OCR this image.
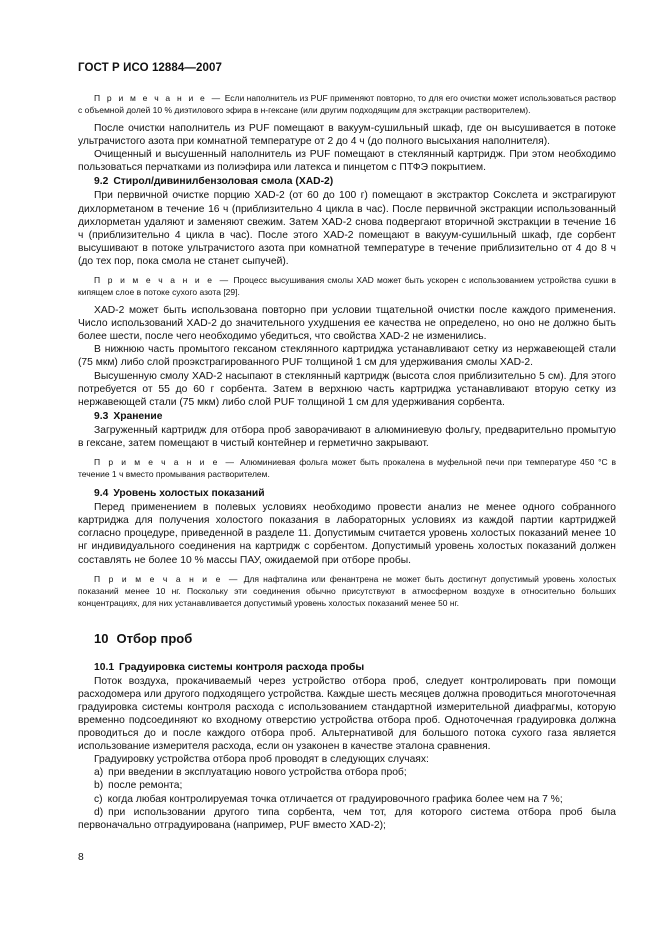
ГОСТ Р ИСО 12884—2007

П р и м е ч а н и е — Если наполнитель из PUF применяют повторно, то для его очистки может использоваться раствор с объемной долей 10 % диэтилового эфира в н-гексане (или другим подходящим для экстракции растворителем).

После очистки наполнитель из PUF помещают в вакуум-сушильный шкаф, где он высушивается в потоке ультрачистого азота при комнатной температуре от 2 до 4 ч (до полного высыхания наполнителя).

Очищенный и высушенный наполнитель из PUF помещают в стеклянный картридж. При этом необходимо пользоваться перчатками из полиэфира или латекса и пинцетом с ПТФЭ покрытием.

9.2 Стирол/дивинилбензоловая смола (ХАD-2)

При первичной очистке порцию ХАD-2 (от 60 до 100 г) помещают в экстрактор Сокслета и экстрагируют дихлорметаном в течение 16 ч (приблизительно 4 цикла в час). После первичной экстракции использованный дихлорметан удаляют и заменяют свежим. Затем ХАD-2 снова подвергают вторичной экстракции в течение 16 ч (приблизительно 4 цикла в час). После этого ХАD-2 помещают в вакуум-сушильный шкаф, где сорбент высушивают в потоке ультрачистого азота при комнатной температуре в течение приблизительно от 4 до 8 ч (до тех пор, пока смола не станет сыпучей).

П р и м е ч а н и е — Процесс высушивания смолы ХАD может быть ускорен с использованием устройства сушки в кипящем слое в потоке сухого азота [29].

ХАD-2 может быть использована повторно при условии тщательной очистки после каждого применения. Число использований ХАD-2 до значительного ухудшения ее качества не определено, но оно не должно быть более шести, после чего необходимо убедиться, что свойства ХАD-2 не изменились.

В нижнюю часть промытого гексаном стеклянного картриджа устанавливают сетку из нержавеющей стали (75 мкм) либо слой проэкстрагированного PUF толщиной 1 см для удерживания смолы ХАD-2.

Высушенную смолу ХАD-2 насыпают в стеклянный картридж (высота слоя приблизительно 5 см). Для этого потребуется от 55 до 60 г сорбента. Затем в верхнюю часть картриджа устанавливают вторую сетку из нержавеющей стали (75 мкм) либо слой PUF толщиной 1 см для удерживания сорбента.

9.3 Хранение

Загруженный картридж для отбора проб заворачивают в алюминиевую фольгу, предварительно промытую в гексане, затем помещают в чистый контейнер и герметично закрывают.

П р и м е ч а н и е — Алюминиевая фольга может быть прокалена в муфельной печи при температуре 450 °С в течение 1 ч вместо промывания растворителем.

9.4 Уровень холостых показаний

Перед применением в полевых условиях необходимо провести анализ не менее одного собранного картриджа для получения холостого показания в лабораторных условиях из каждой партии картриджей согласно процедуре, приведенной в разделе 11. Допустимым считается уровень холостых показаний менее 10 нг индивидуального соединения на картридж с сорбентом. Допустимый уровень холостых показаний должен составлять не более 10 % массы ПАУ, ожидаемой при отборе пробы.

П р и м е ч а н и е — Для нафталина или фенантрена не может быть достигнут допустимый уровень холостых показаний менее 10 нг. Поскольку эти соединения обычно присутствуют в атмосферном воздухе в относительно больших концентрациях, для них устанавливается допустимый уровень холостых показаний менее 50 нг.

10 Отбор проб
10.1 Градуировка системы контроля расхода пробы

Поток воздуха, прокачиваемый через устройство отбора проб, следует контролировать при помощи расходомера или другого подходящего устройства. Каждые шесть месяцев должна проводиться многоточечная градуировка системы контроля расхода с использованием стандартной измерительной диафрагмы, которую временно подсоединяют ко входному отверстию устройства отбора проб. Одноточечная градуировка должна проводиться до и после каждого отбора проб. Альтернативой для большого потока сухого газа является использование измерителя расхода, если он узаконен в качестве эталона сравнения.

Градуировку устройства отбора проб проводят в следующих случаях:

а) при введении в эксплуатацию нового устройства отбора проб;
b) после ремонта;
с) когда любая контролируемая точка отличается от градуировочного графика более чем на 7 %;
d) при использовании другого типа сорбента, чем тот, для которого система отбора проб была первоначально отградуирована (например, PUF вместо ХАD-2);
8
